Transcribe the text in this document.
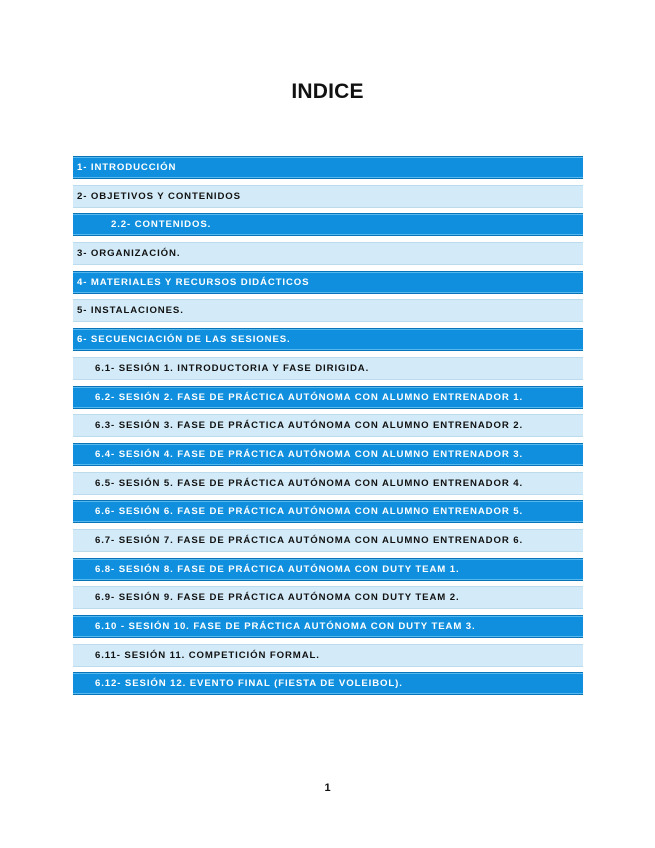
INDICE
1- INTRODUCCIÓN
2- OBJETIVOS Y CONTENIDOS
2.2- CONTENIDOS.
3- ORGANIZACIÓN.
4- MATERIALES Y RECURSOS DIDÁCTICOS
5- INSTALACIONES.
6- SECUENCIACIÓN DE LAS SESIONES.
6.1- SESIÓN 1. INTRODUCTORIA Y FASE DIRIGIDA.
6.2- SESIÓN 2. FASE DE PRÁCTICA AUTÓNOMA CON ALUMNO ENTRENADOR 1.
6.3- SESIÓN 3. FASE DE PRÁCTICA AUTÓNOMA CON ALUMNO ENTRENADOR 2.
6.4- SESIÓN 4. FASE DE PRÁCTICA AUTÓNOMA CON ALUMNO ENTRENADOR 3.
6.5- SESIÓN 5. FASE DE PRÁCTICA AUTÓNOMA CON ALUMNO ENTRENADOR 4.
6.6- SESIÓN 6. FASE DE PRÁCTICA AUTÓNOMA CON ALUMNO ENTRENADOR 5.
6.7- SESIÓN 7. FASE DE PRÁCTICA AUTÓNOMA CON ALUMNO ENTRENADOR 6.
6.8- SESIÓN 8. FASE DE PRÁCTICA AUTÓNOMA CON DUTY TEAM 1.
6.9- SESIÓN 9. FASE DE PRÁCTICA AUTÓNOMA CON DUTY TEAM 2.
6.10 - SESIÓN 10. FASE DE PRÁCTICA AUTÓNOMA CON DUTY TEAM 3.
6.11- SESIÓN 11. COMPETICIÓN FORMAL.
6.12- SESIÓN 12. EVENTO FINAL (FIESTA DE VOLEIBOL).
1
